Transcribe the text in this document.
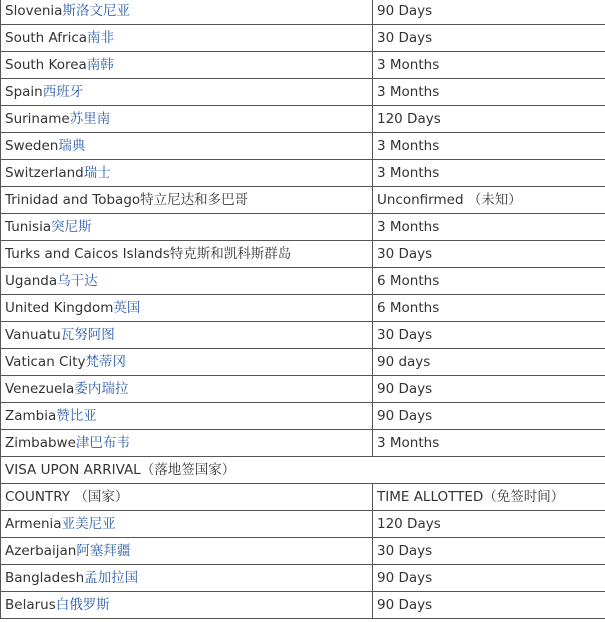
Slovenia斯洛文尼亚	90 Days
South Africa南非	30 Days
South Korea南韩	3 Months
Spain西班牙	3 Months
Suriname苏里南	120 Days
Sweden瑞典	3 Months
Switzerland瑞士	3 Months
Trinidad and Tobago特立尼达和多巴哥	Unconfirmed （未知）
Tunisia突尼斯	3 Months
Turks and Caicos Islands特克斯和凯科斯群岛	30 Days
Uganda乌干达	6 Months
United Kingdom英国	6 Months
Vanuatu瓦努阿图	30 Days
Vatican City梵蒂冈	90 days
Venezuela委内瑞拉	90 Days
Zambia赞比亚	90 Days
Zimbabwe津巴布韦	3 Months
VISA UPON ARRIVAL（落地签国家）	
COUNTRY （国家）	TIME ALLOTTED（免签时间）
Armenia亚美尼亚	120 Days
Azerbaijan阿塞拜疆	30 Days
Bangladesh孟加拉国	90 Days
Belarus白俄罗斯	90 Days
